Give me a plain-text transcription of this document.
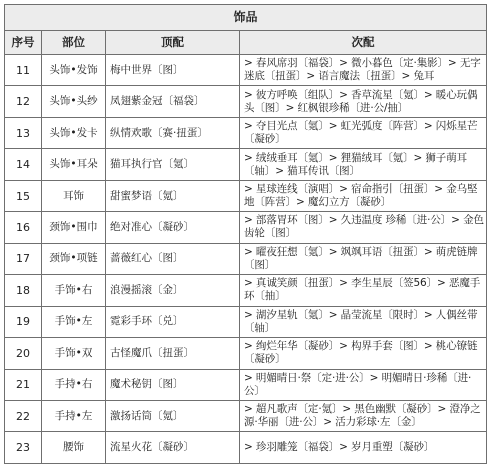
饰品			
序号	部位	顶配	次配
11	头饰•发饰	梅中世界〔图〕	> 春风席羽〔福袋〕> 微小暮色〔定·集影〕> 无字迷底〔扭蛋〕> 语言魔法〔扭蛋〕> 兔耳
12	头饰•头纱	凤翅紫金冠〔福袋〕	> 彼方呼唤〔组队〕> 香草流星〔氪〕> 暖心玩偶头〔图〕> 红枫银珍稀〔进·公/抽〕
13	头饰•发卡	纵情欢歌〔赛·扭蛋〕	> 夺目光点〔氪〕> 虹光弧度〔阵营〕> 闪烁星芒〔凝砂〕
14	头饰•耳朵	猫耳执行官〔氪〕	> 绒绒垂耳〔氪〕> 狸猫绒耳〔氪〕> 狮子萌耳〔轴〕> 猫耳传讯〔图〕
15	耳饰	甜蜜梦语〔氪〕	> 星球连线〔演唱〕> 宿命指引〔扭蛋〕> 金乌堅地〔阵营〕> 魔幻立方〔凝砂〕
16	颈饰•围巾	绝对准心〔凝砂〕	> 部落胃环〔图〕> 久违温度 珍稀〔进·公〕> 金色齿轮〔图〕
17	颈饰•项链	蔷薇红心〔图〕	> 曜夜狂想〔氪〕> 飒飒耳语〔扭蛋〕> 萌虎链牌〔图〕
18	手饰•右	浪漫摇滚〔金〕	> 真诚笑颜〔扭蛋〕> 李生星辰〔签56〕> 恶魔手环〔抽〕
19	手饰•左	霓彩手环〔兑〕	> 湖汐星轨〔氪〕> 晶莹流星〔限时〕> 人偶丝带〔轴〕
20	手饰•双	古怪魔爪〔扭蛋〕	> 绚烂年华〔凝砂〕> 构界手套〔图〕> 桃心镣链〔凝砂〕
21	手持•右	魔术秘钥〔图〕	> 明媚晴日·祭〔定·进·公〕> 明媚晴日·珍稀〔进·公〕
22	手持•左	激扬话筒〔氪〕	> 超凡歌声〔定·氪〕> 黑色幽默〔凝砂〕> 澄净之源·华丽〔进·公〕> 活力彩球·左〔金〕
23	腰饰	流星火花〔凝砂〕	> 珍羽雕笼〔福袋〕> 岁月重塑〔凝砂〕
